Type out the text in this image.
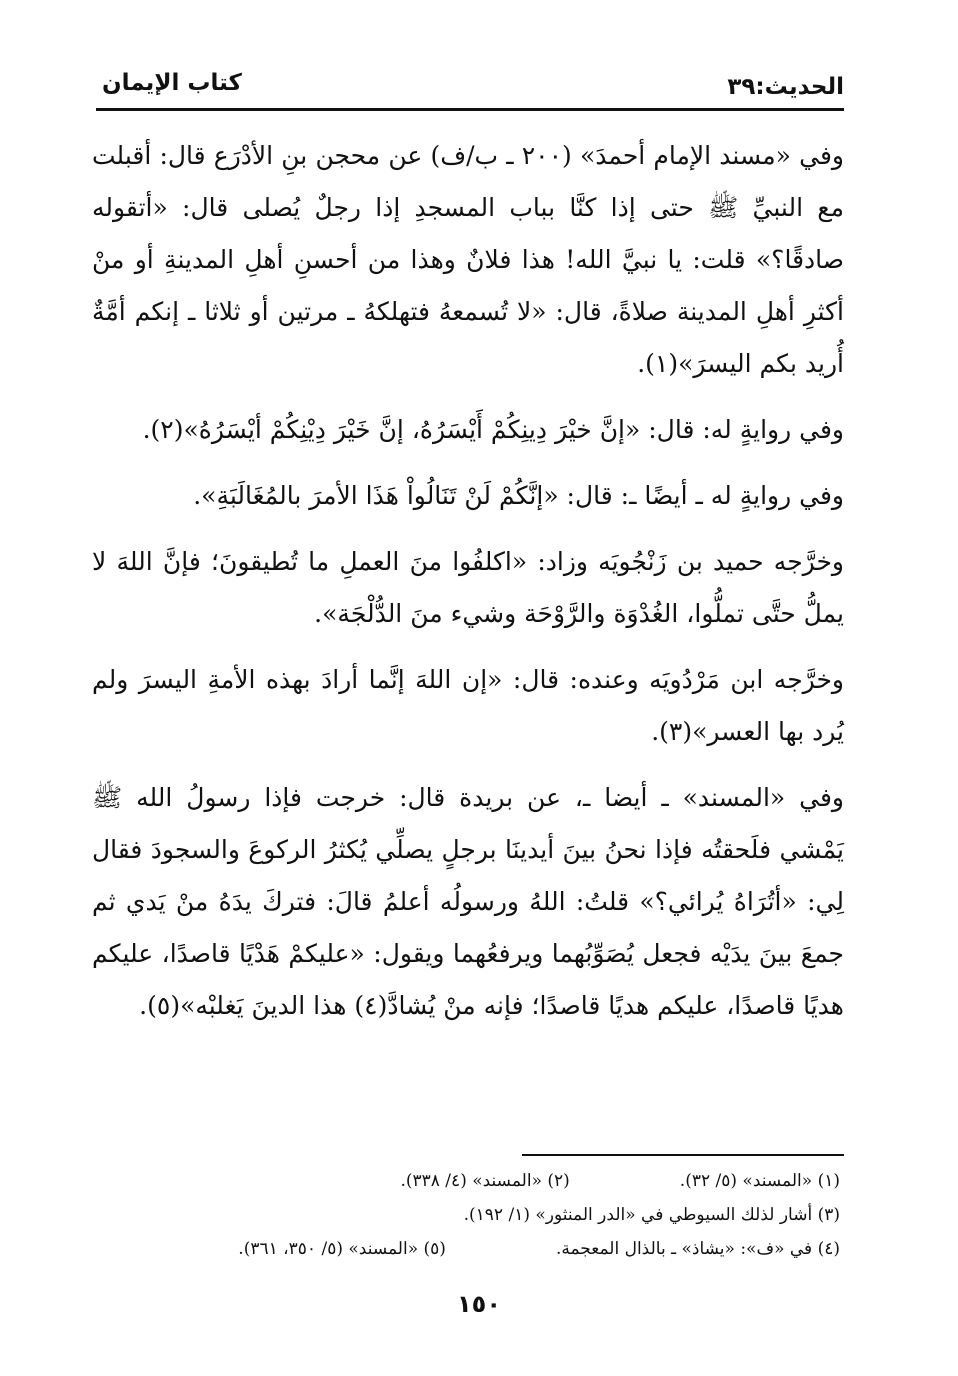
الحديث:٣٩
كتاب الإيمان

وفي «مسند الإمام أحمدَ» (٢٠٠ ـ ب/ف) عن محجن بنِ الأدْرَع قال: أقبلت مع النبيِّ ﷺ حتى إذا كنَّا بباب المسجدِ إذا رجلٌ يُصلى قال: «أتقوله صادقًا؟» قلت: يا نبيَّ الله! هذا فلانٌ وهذا من أحسنِ أهلِ المدينةِ أو منْ أكثرِ أهلِ المدينة صلاةً، قال: «لا تُسمعهُ فتهلكهُ ـ مرتين أو ثلاثا ـ إنكم أمَّةٌ أُريد بكم اليسرَ»(١).

وفي روايةٍ له: قال: «إنَّ خيْرَ دِينِكُمْ أَيْسَرُهُ، إنَّ خَيْرَ دِيْنِكُمْ أيْسَرُهُ»(٢).

وفي روايةٍ له ـ أيضًا ـ: قال: «إنَّكُمْ لَنْ تَنَالُواْ هَذَا الأمرَ بالمُغَالَبَةِ».

وخرَّجه حميد بن زَنْجُويَه وزاد: «اكلفُوا منَ العملِ ما تُطيقونَ؛ فإنَّ اللهَ لا يملُّ حتَّى تملُّوا، الغُدْوَة والرَّوْحَة وشيء منَ الدُّلْجَة».

وخرَّجه ابن مَرْدُويَه وعنده: قال: «إن اللهَ إنَّما أرادَ بهذه الأمةِ اليسرَ ولم يُرد بها العسر»(٣).

وفي «المسند» ـ أيضا ـ، عن بريدة قال: خرجت فإذا رسولُ الله ﷺ يَمْشي فلَحقتُه فإذا نحنُ بينَ أيدينَا برجلٍ يصلِّي يُكثرُ الركوعَ والسجودَ فقال لِي: «أتُرَاهُ يُرائي؟» قلتُ: اللهُ ورسولُه أعلمُ قالَ: فتركَ يدَهُ منْ يَدي ثم جمعَ بينَ يدَيْه فجعل يُصَوِّبُهما ويرفعُهما ويقول: «عليكمْ هَدْيًا قاصدًا، عليكم هديًا قاصدًا، عليكم هديًا قاصدًا؛ فإنه منْ يُشادَّ(٤) هذا الدينَ يَغلبْه»(٥).

(١) «المسند» (٥/ ٣٢).
(٢) «المسند» (٤/ ٣٣٨).
(٣) أشار لذلك السيوطي في «الدر المنثور» (١/ ١٩٢).
(٤) في «ف»: «يشاذ» ـ بالذال المعجمة.
(٥) «المسند» (٥/ ٣٥٠، ٣٦١).
١٥٠
